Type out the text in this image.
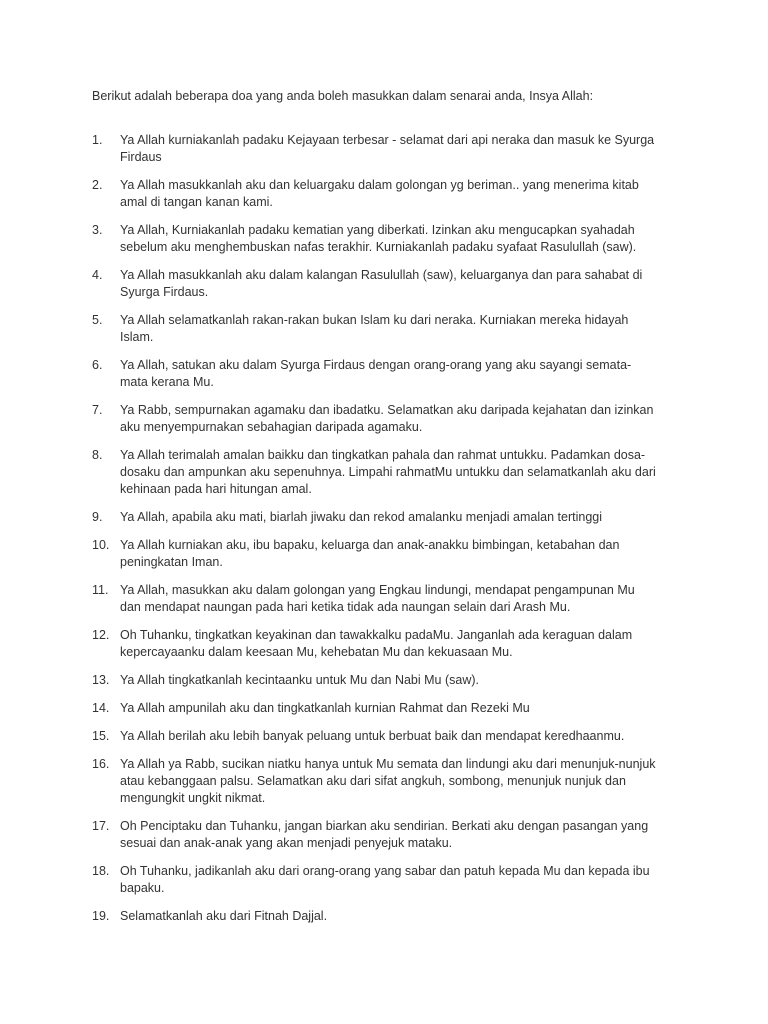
Berikut adalah beberapa doa yang anda boleh masukkan dalam senarai anda, Insya Allah:

1.	Ya Allah kurniakanlah padaku Kejayaan terbesar - selamat dari api neraka dan masuk ke Syurga
Firdaus
2.	Ya Allah masukkanlah aku dan keluargaku dalam golongan yg beriman.. yang menerima kitab
amal di tangan kanan kami.
3.	Ya Allah, Kurniakanlah padaku kematian yang diberkati. Izinkan aku mengucapkan syahadah
sebelum aku menghembuskan nafas terakhir. Kurniakanlah padaku syafaat Rasulullah (saw).
4.	Ya Allah masukkanlah aku dalam kalangan Rasulullah (saw), keluarganya dan para sahabat di
Syurga Firdaus.
5.	Ya Allah selamatkanlah rakan-rakan bukan Islam ku dari neraka. Kurniakan mereka hidayah
Islam.
6.	Ya Allah, satukan aku dalam Syurga Firdaus dengan orang-orang yang aku sayangi semata-
mata kerana Mu.
7.	Ya Rabb, sempurnakan agamaku dan ibadatku. Selamatkan aku daripada kejahatan dan izinkan
aku menyempurnakan sebahagian daripada agamaku.
8.	Ya Allah terimalah amalan baikku dan tingkatkan pahala dan rahmat untukku. Padamkan dosa-
dosaku dan ampunkan aku sepenuhnya. Limpahi rahmatMu untukku dan selamatkanlah aku dari
kehinaan pada hari hitungan amal.
9.	Ya Allah, apabila aku mati, biarlah jiwaku dan rekod amalanku menjadi amalan tertinggi
10. Ya Allah kurniakan aku, ibu bapaku, keluarga dan anak-anakku bimbingan, ketabahan dan
peningkatan Iman.
11. Ya Allah, masukkan aku dalam golongan yang Engkau lindungi, mendapat pengampunan Mu
dan mendapat naungan pada hari ketika tidak ada naungan selain dari Arash Mu.
12. Oh Tuhanku, tingkatkan keyakinan dan tawakkalku padaMu. Janganlah ada keraguan dalam
kepercayaanku dalam keesaan Mu, kehebatan Mu dan kekuasaan Mu.
13. Ya Allah tingkatkanlah kecintaanku untuk Mu dan Nabi Mu (saw).
14. Ya Allah ampunilah aku dan tingkatkanlah kurnian Rahmat dan Rezeki Mu
15. Ya Allah berilah aku lebih banyak peluang untuk berbuat baik dan mendapat keredhaanmu.
16. Ya Allah ya Rabb, sucikan niatku hanya untuk Mu semata dan lindungi aku dari menunjuk-nunjuk
atau kebanggaan palsu. Selamatkan aku dari sifat angkuh, sombong, menunjuk nunjuk dan
mengungkit ungkit nikmat.
17. Oh Penciptaku dan Tuhanku, jangan biarkan aku sendirian. Berkati aku dengan pasangan yang
sesuai dan anak-anak yang akan menjadi penyejuk mataku.
18. Oh Tuhanku, jadikanlah aku dari orang-orang yang sabar dan patuh kepada Mu dan kepada ibu
bapaku.
19. Selamatkanlah aku dari Fitnah Dajjal.
